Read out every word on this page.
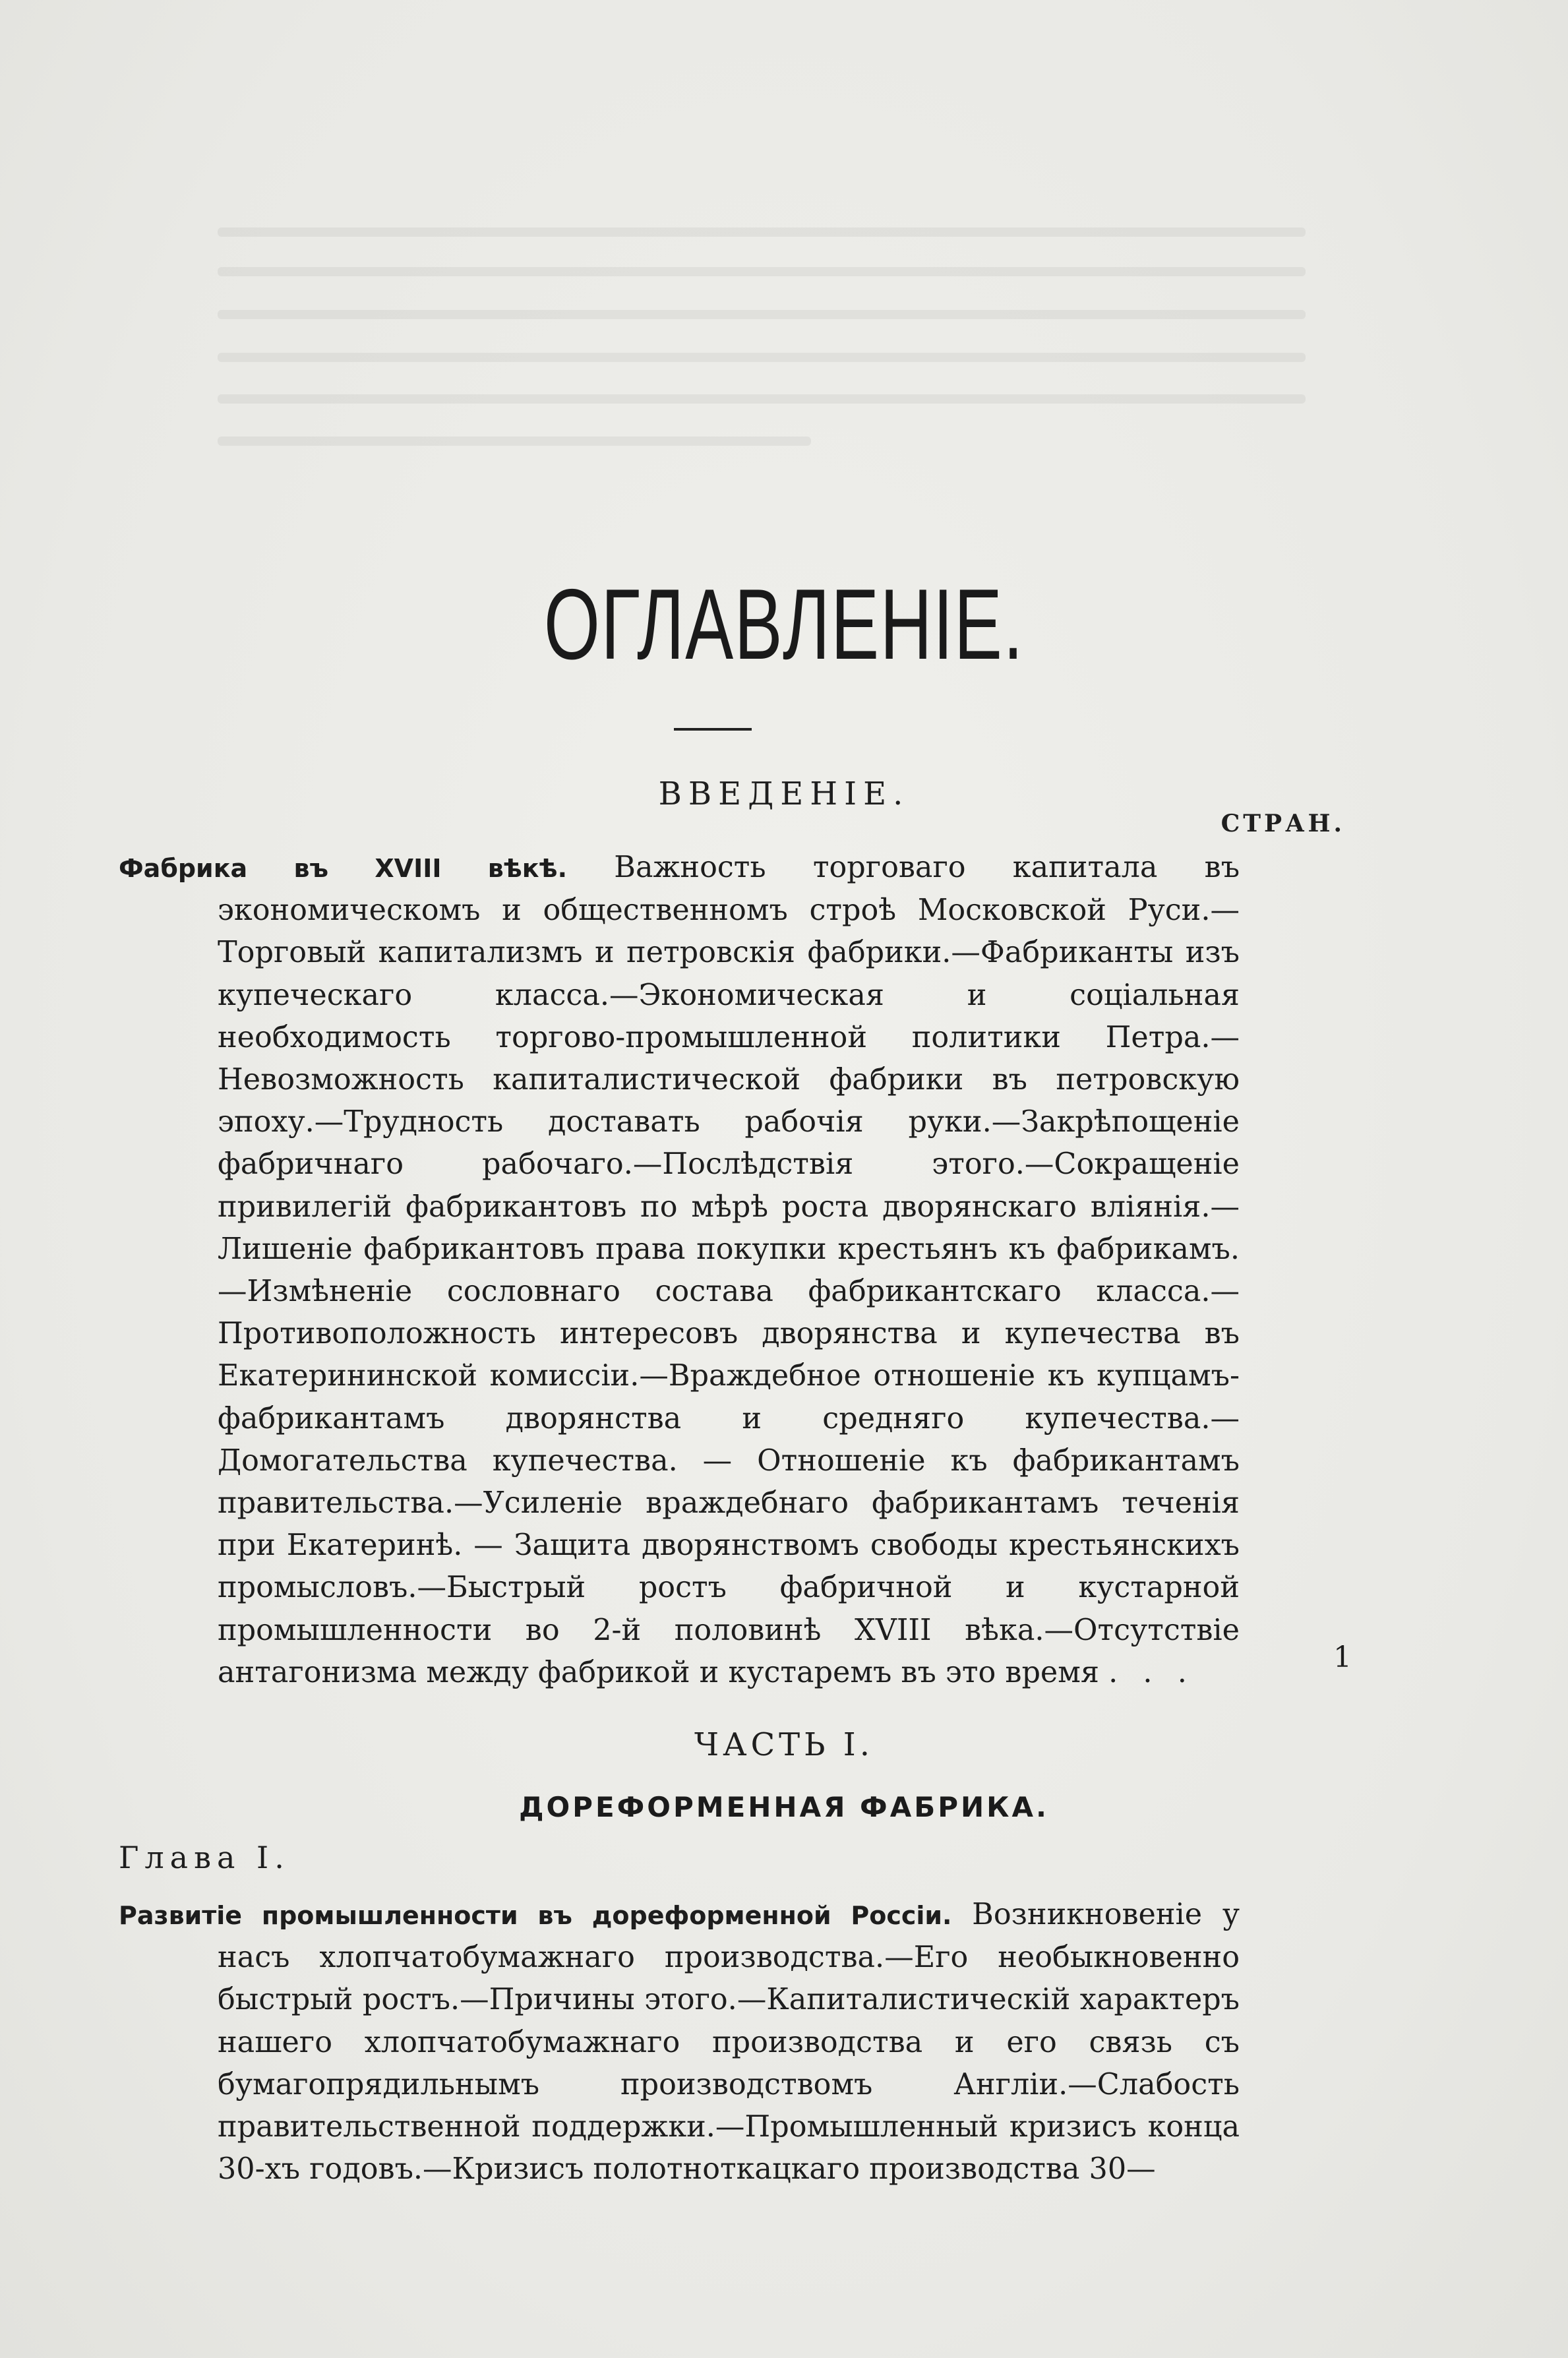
ОГЛАВЛЕНІЕ.
ВВЕДЕНІЕ.
СТРАН.
Фабрика въ XVIII вѣкѣ. Важность торговаго капитала въ экономическомъ и общественномъ строѣ Московской Руси.—Торговый капитализмъ и петровскія фабрики.—Фабриканты изъ купеческаго класса.—Экономическая и соціальная необходимость торгово-промышленной политики Петра.—Невозможность капиталистической фабрики въ петровскую эпоху.—Трудность доставать рабочія руки.—Закрѣпощеніе фабричнаго рабочаго.—Послѣдствія этого.—Сокращеніе привилегій фабрикантовъ по мѣрѣ роста дворянскаго вліянія.—Лишеніе фабрикантовъ права покупки крестьянъ къ фабрикамъ.—Измѣненіе сословнаго состава фабрикантскаго класса.—Противоположность интересовъ дворянства и купечества въ Екатерининской комиссіи.—Враждебное отношеніе къ купцамъ-фабрикантамъ дворянства и средняго купечества.—Домогательства купечества. — Отношеніе къ фабрикантамъ правительства.—Усиленіе враждебнаго фабрикантамъ теченія при Екатеринѣ. — Защита дворянствомъ свободы крестьянскихъ промысловъ.—Быстрый ростъ фабричной и кустарной промышленности во 2-й половинѣ XVIII вѣка.—Отсутствіе антагонизма между фабрикой и кустаремъ въ это время . . .	1
ЧАСТЬ I.
ДОРЕФОРМЕННАЯ ФАБРИКА.
Глава I.
Развитіе промышленности въ дореформенной Россіи. Возникновеніе у насъ хлопчатобумажнаго производства.—Его необыкновенно быстрый ростъ.—Причины этого.—Капиталистическій характеръ нашего хлопчатобумажнаго производства и его связь съ бумагопрядильнымъ производствомъ Англіи.—Слабость правительственной поддержки.—Промышленный кризисъ конца 30-хъ годовъ.—Кризисъ полотноткацкаго производства 30—
